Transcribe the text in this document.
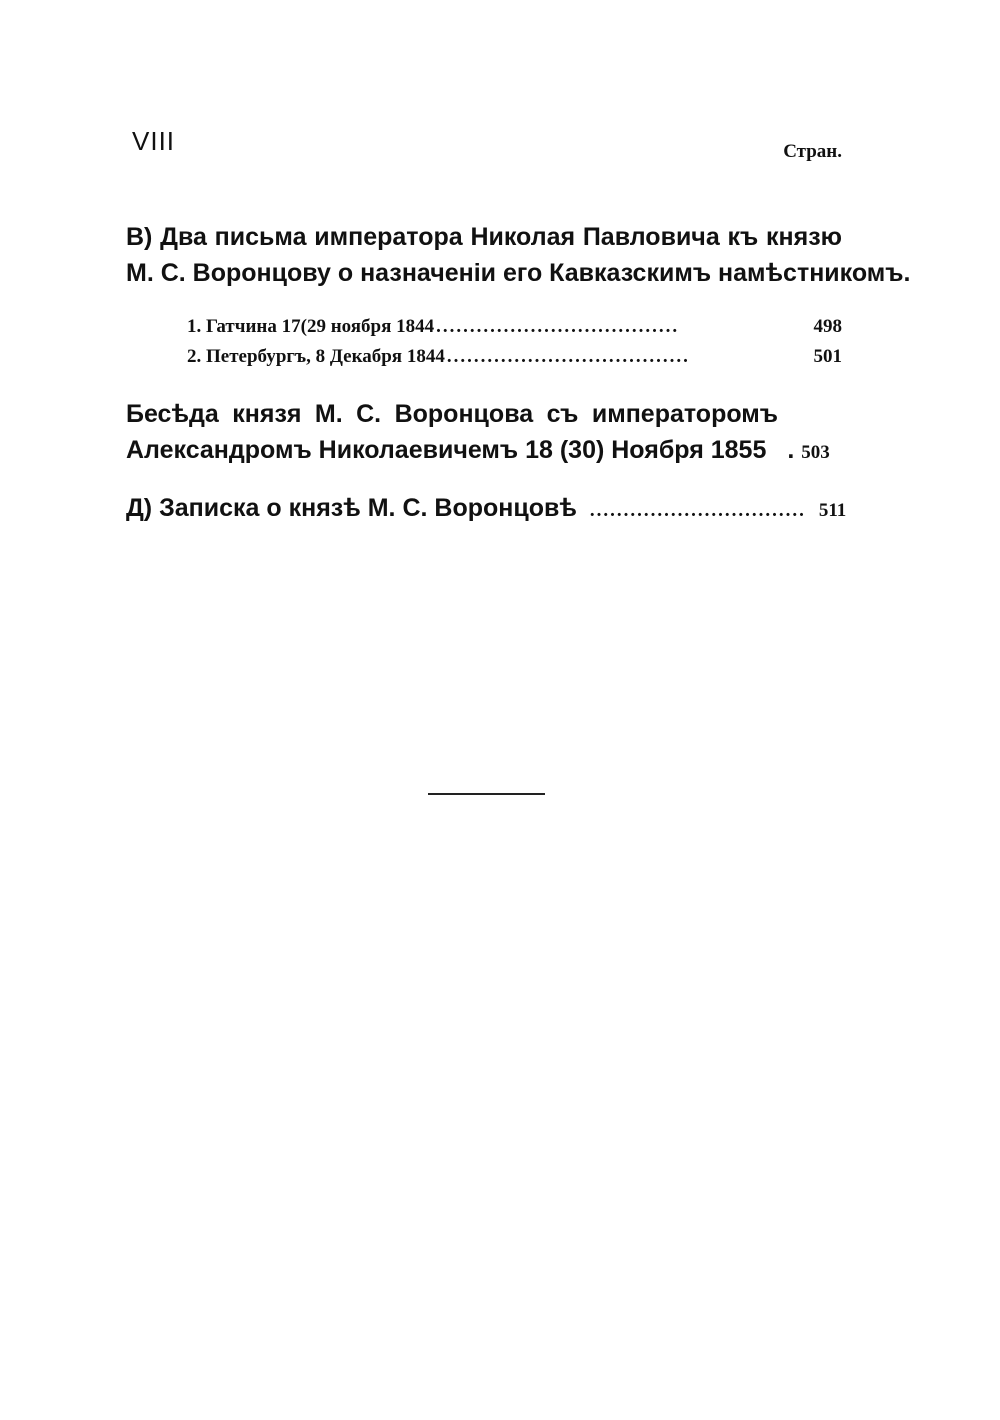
VIII	Стран.
В) Два письма императора Николая Павловича къ князю
М. С. Воронцову о назначенiи его Кавказскимъ намѣстникомъ.
1. Гатчина 17(29 ноября 1844 ....................................	498
2. Петербургъ, 8 Декабря 1844 ....................................	501
Бесѣда князя М. С. Воронцова съ императоромъ
Александромъ Николаевичемъ 18 (30) Ноября 1855 . 503
Д) Записка о князѣ М. С. Воронцовѣ ................................ 511
